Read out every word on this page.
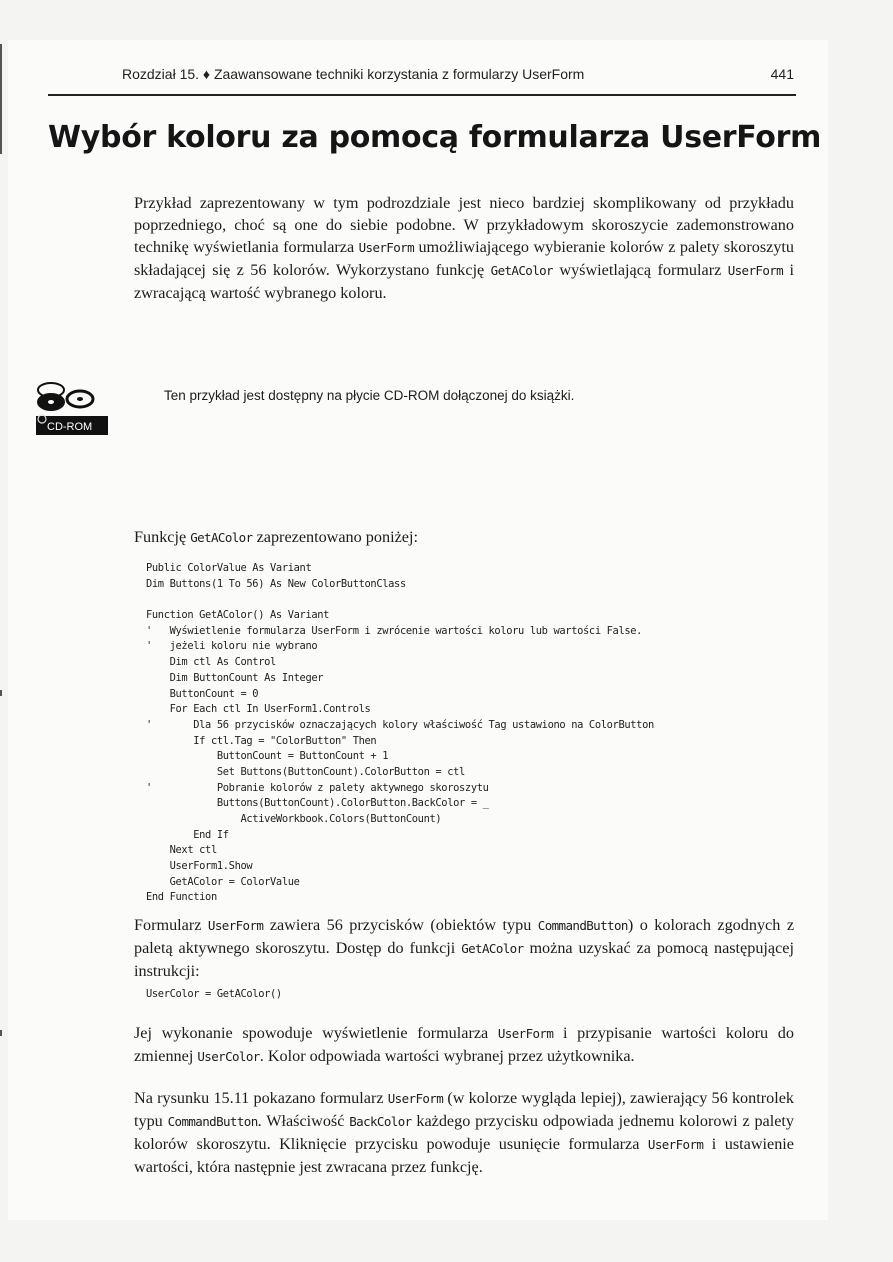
Rozdział 15. ♦ Zaawansowane techniki korzystania z formularzy UserForm	441
Wybór koloru za pomocą formularza UserForm

Przykład zaprezentowany w tym podrozdziale jest nieco bardziej skomplikowany od przykładu poprzedniego, choć są one do siebie podobne. W przykładowym skoroszycie zademonstrowano technikę wyświetlania formularza UserForm umożliwiającego wybieranie kolorów z palety skoroszytu składającej się z 56 kolorów. Wykorzystano funkcję GetAColor wyświetlającą formularz UserForm i zwracającą wartość wybranego koloru.

CD-ROM

Ten przykład jest dostępny na płycie CD-ROM dołączonej do książki.

Funkcję GetAColor zaprezentowano poniżej:

Public ColorValue As Variant
Dim Buttons(1 To 56) As New ColorButtonClass
Function GetAColor() As Variant
'   Wyświetlenie formularza UserForm i zwrócenie wartości koloru lub wartości False.
'   jeżeli koloru nie wybrano
Dim ctl As Control
Dim ButtonCount As Integer
ButtonCount = 0
For Each ctl In UserForm1.Controls
'       Dla 56 przycisków oznaczających kolory właściwość Tag ustawiono na ColorButton
If ctl.Tag = "ColorButton" Then
ButtonCount = ButtonCount + 1
Set Buttons(ButtonCount).ColorButton = ctl
'           Pobranie kolorów z palety aktywnego skoroszytu
Buttons(ButtonCount).ColorButton.BackColor = _
ActiveWorkbook.Colors(ButtonCount)
End If
Next ctl
UserForm1.Show
GetAColor = ColorValue
End Function

Formularz UserForm zawiera 56 przycisków (obiektów typu CommandButton) o kolorach zgodnych z paletą aktywnego skoroszytu. Dostęp do funkcji GetAColor można uzyskać za pomocą następującej instrukcji:

UserColor = GetAColor()

Jej wykonanie spowoduje wyświetlenie formularza UserForm i przypisanie wartości koloru do zmiennej UserColor. Kolor odpowiada wartości wybranej przez użytkownika.

Na rysunku 15.11 pokazano formularz UserForm (w kolorze wygląda lepiej), zawierający 56 kontrolek typu CommandButton. Właściwość BackColor każdego przycisku odpowiada jednemu kolorowi z palety kolorów skoroszytu. Kliknięcie przycisku powoduje usunięcie formularza UserForm i ustawienie wartości, która następnie jest zwracana przez funkcję.
